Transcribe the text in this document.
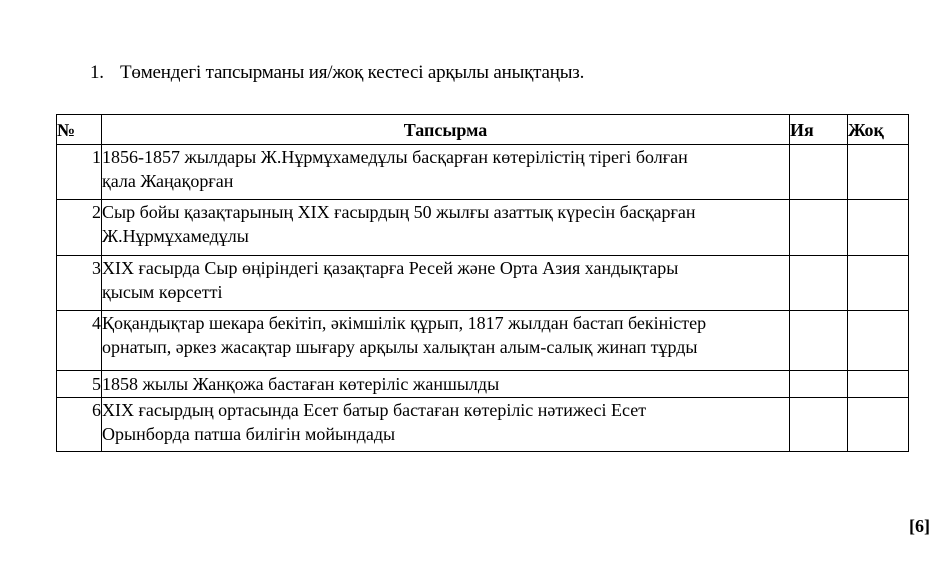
1. Төмендегі тапсырманы ия/жоқ кестесі арқылы анықтаңыз.
№	Тапсырма	Ия	Жоқ
1	1856-1857 жылдары Ж.Нұрмұхамедұлы басқарған көтерілістің тірегі болған
қала Жаңақорған		
2	Сыр бойы қазақтарының XIX ғасырдың 50 жылғы азаттық күресін басқарған
Ж.Нұрмұхамедұлы		
3	XIX ғасырда Сыр өңіріндегі қазақтарға Ресей және Орта Азия хандықтары
қысым көрсетті		
4	Қоқандықтар шекара бекітіп, әкімшілік құрып, 1817 жылдан бастап бекіністер
орнатып, әркез жасақтар шығару арқылы халықтан алым-салық жинап тұрды		
5	1858 жылы Жанқожа бастаған көтеріліс жаншылды		
6	XIX ғасырдың ортасында Есет батыр бастаған көтеріліс нәтижесі Есет
Орынборда патша билігін мойындады		
[6]
